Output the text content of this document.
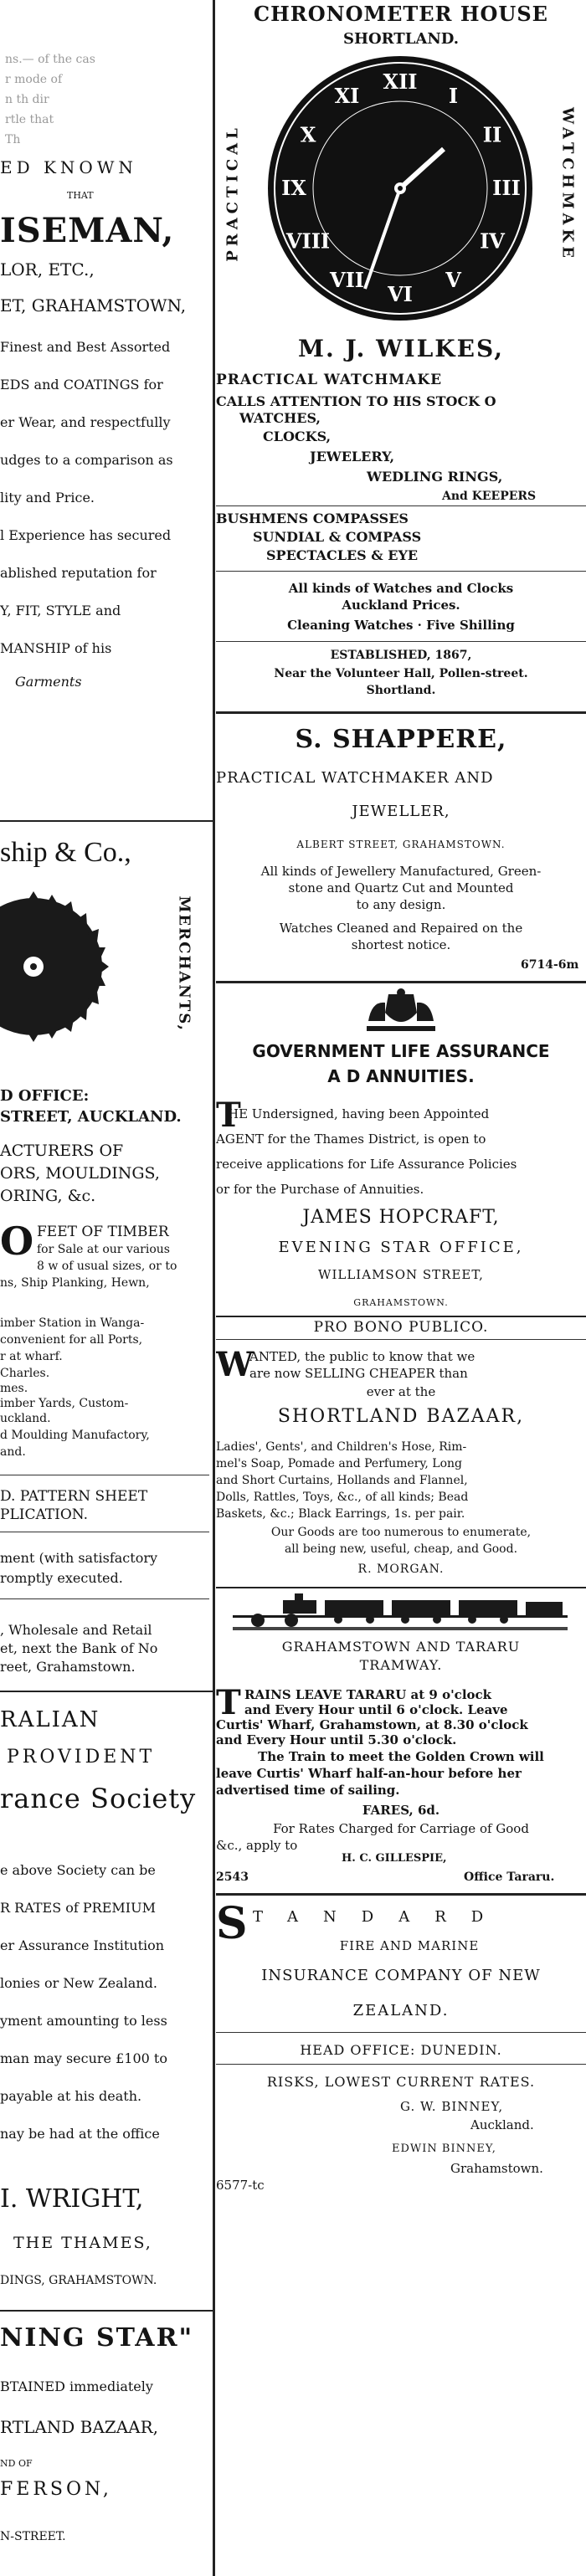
ns.— of the cas
r mode of
n th dir
rtle that
Th
ED KNOWN
THAT
ISEMAN,
LOR, ETC.,
ET, GRAHAMSTOWN,
Finest and Best Assorted
EDS and COATINGS for
er Wear, and respectfully
udges to a comparison as
lity and Price.
l Experience has secured
ablished reputation for
Y, FIT, STYLE and
MANSHIP of his
Garments
ship & Co.,
MERCHANTS,
D OFFICE:
STREET, AUCKLAND.
ACTURERS OF
ORS, MOULDINGS,
ORING, &c.
O FEET OF TIMBER
for Sale at our various
8 w of usual sizes, or to
ns, Ship Planking, Hewn,
imber Station in Wanga-
convenient for all Ports,
r at wharf.
Charles.
mes.
imber Yards, Custom-
uckland.
d Moulding Manufactory,
and.
D. PATTERN SHEET
PLICATION.
ment (with satisfactory
romptly executed.
, Wholesale and Retail
et, next the Bank of No
reet, Grahamstown.
RALIAN
PROVIDENT
rance Society
e above Society can be
R RATES of PREMIUM
er Assurance Institution
lonies or New Zealand.
yment amounting to less
man may secure £100 to
payable at his death.
nay be had at the office
I. WRIGHT,
THE THAMES,
DINGS, GRAHAMSTOWN.
NING STAR"
BTAINED immediately
RTLAND BAZAAR,
ND OF
FERSON,
N-STREET.
CHRONOMETER HOUSE
SHORTLAND.
PRACTICAL	WATCHMAKE
XII
I
II
III
IV
V
VI
VII
VIII
IX
X
XI
M. J. WILKES,
PRACTICAL WATCHMAKE
CALLS ATTENTION TO HIS STOCK O
WATCHES,
CLOCKS,
JEWELERY,
WEDLING RINGS,
And KEEPERS
BUSHMENS COMPASSES
SUNDIAL & COMPASS
SPECTACLES & EYE
All kinds of Watches and Clocks
Auckland Prices.
Cleaning Watches · Five Shilling
ESTABLISHED, 1867,
Near the Volunteer Hall, Pollen-street.
Shortland.
S. SHAPPERE,
PRACTICAL WATCHMAKER AND
JEWELLER,
ALBERT STREET, GRAHAMSTOWN.
All kinds of Jewellery Manufactured, Green-
stone and Quartz Cut and Mounted
to any design.
Watches Cleaned and Repaired on the
shortest notice.
6714-6m
GOVERNMENT LIFE ASSURANCE
A D ANNUITIES.
T
HE Undersigned, having been Appointed
AGENT for the Thames District, is open to
receive applications for Life Assurance Policies
or for the Purchase of Annuities.
JAMES HOPCRAFT,
EVENING STAR OFFICE,
WILLIAMSON STREET,
GRAHAMSTOWN.
PRO BONO PUBLICO.
W
ANTED, the public to know that we
are now SELLING CHEAPER than
ever at the
SHORTLAND BAZAAR,
Ladies', Gents', and Children's Hose, Rim-
mel's Soap, Pomade and Perfumery, Long
and Short Curtains, Hollands and Flannel,
Dolls, Rattles, Toys, &c., of all kinds; Bead
Baskets, &c.; Black Earrings, 1s. per pair.
Our Goods are too numerous to enumerate,
all being new, useful, cheap, and Good.
R. MORGAN.
GRAHAMSTOWN AND TARARU
TRAMWAY.
T RAINS LEAVE TARARU at 9 o'clock
and Every Hour until 6 o'clock. Leave
Curtis' Wharf, Grahamstown, at 8.30 o'clock
and Every Hour until 5.30 o'clock.
The Train to meet the Golden Crown will
leave Curtis' Wharf half-an-hour before her
advertised time of sailing.
FARES, 6d.
For Rates Charged for Carriage of Good
&c., apply to
H. C. GILLESPIE,
2543	Office Tararu.
S TANDARD
FIRE AND MARINE
INSURANCE COMPANY OF NEW
ZEALAND.
HEAD OFFICE: DUNEDIN.
RISKS, LOWEST CURRENT RATES.
G. W. BINNEY,
Auckland.
EDWIN BINNEY,
Grahamstown.
6577-tc
